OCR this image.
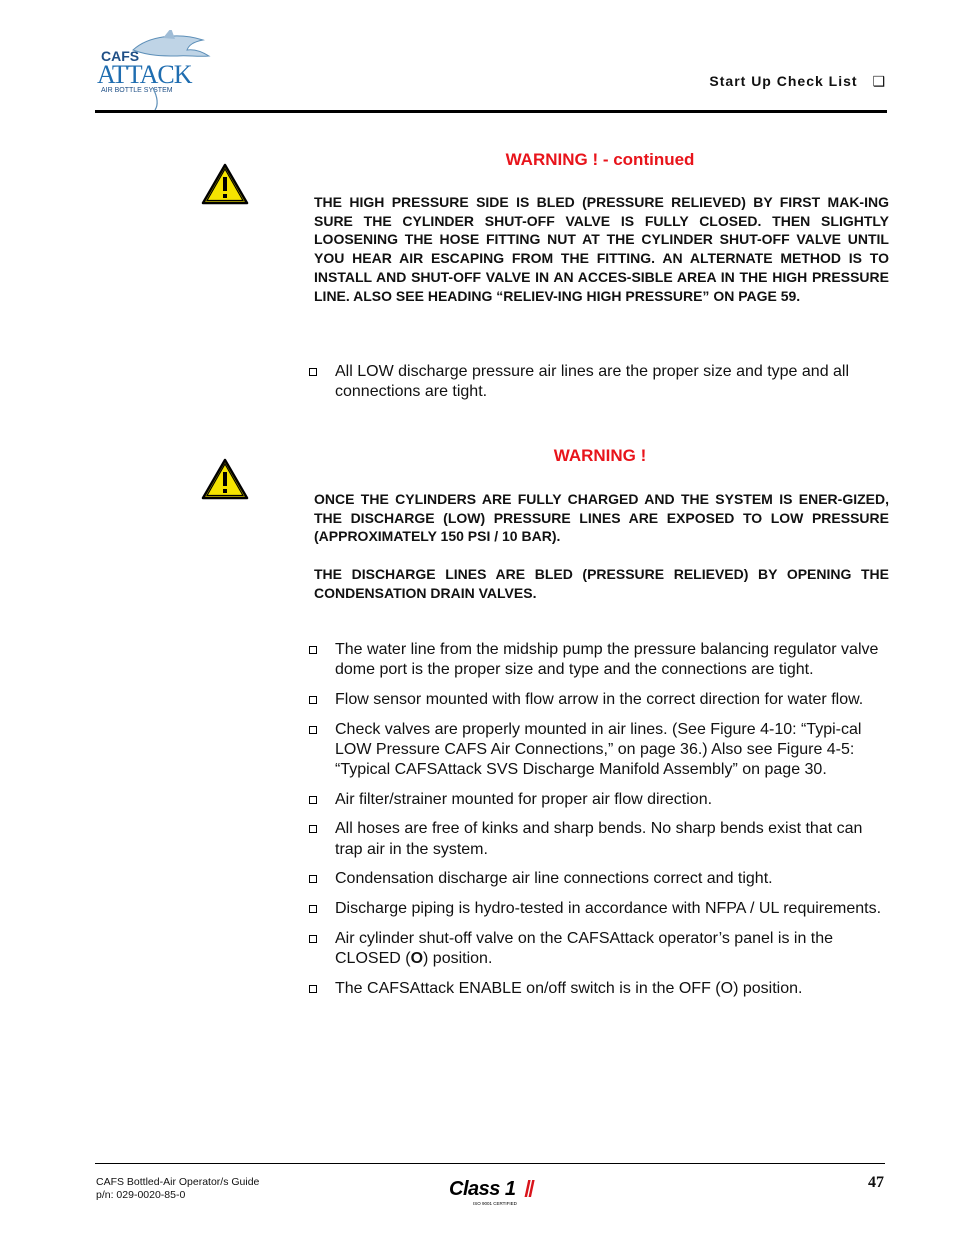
CAFS
ATTACK
AIR BOTTLE SYSTEM
Start Up Check List ❑
WARNING ! - continued

THE HIGH PRESSURE SIDE IS BLED (PRESSURE RELIEVED) BY FIRST MAK-ING SURE THE CYLINDER SHUT-OFF VALVE IS FULLY CLOSED. THEN SLIGHTLY LOOSENING THE HOSE FITTING NUT AT THE CYLINDER SHUT-OFF VALVE UNTIL YOU HEAR AIR ESCAPING FROM THE FITTING. AN ALTERNATE METHOD IS TO INSTALL AND SHUT-OFF VALVE IN AN ACCES-SIBLE AREA IN THE HIGH PRESSURE LINE. ALSO SEE HEADING “RELIEV-ING HIGH PRESSURE” ON PAGE 59.

All LOW discharge pressure air lines are the proper size and type and all connections are tight.
WARNING !

ONCE THE CYLINDERS ARE FULLY CHARGED AND THE SYSTEM IS ENER-GIZED, THE DISCHARGE (LOW) PRESSURE LINES ARE EXPOSED TO LOW PRESSURE (APPROXIMATELY 150 PSI / 10 BAR).

THE DISCHARGE LINES ARE BLED (PRESSURE RELIEVED) BY OPENING THE CONDENSATION DRAIN VALVES.

The water line from the midship pump the pressure balancing regulator valve dome port is the proper size and type and the connections are tight.
Flow sensor mounted with flow arrow in the correct direction for water flow.
Check valves are properly mounted in air lines. (See Figure 4-10: “Typi-cal LOW Pressure CAFS Air Connections,” on page 36.) Also see Figure 4-5: “Typical CAFSAttack SVS Discharge Manifold Assembly” on page 30.
Air filter/strainer mounted for proper air flow direction.
All hoses are free of kinks and sharp bends. No sharp bends exist that can trap air in the system.
Condensation discharge air line connections correct and tight.
Discharge piping is hydro-tested in accordance with NFPA / UL requirements.
Air cylinder shut-off valve on the CAFSAttack operator’s panel is in the CLOSED (O) position.
The CAFSAttack ENABLE on/off switch is in the OFF (O) position.
CAFS Bottled-Air Operator/s Guide
p/n: 029-0020-85-0	Class 1
ISO 9001 CERTIFIED
47
